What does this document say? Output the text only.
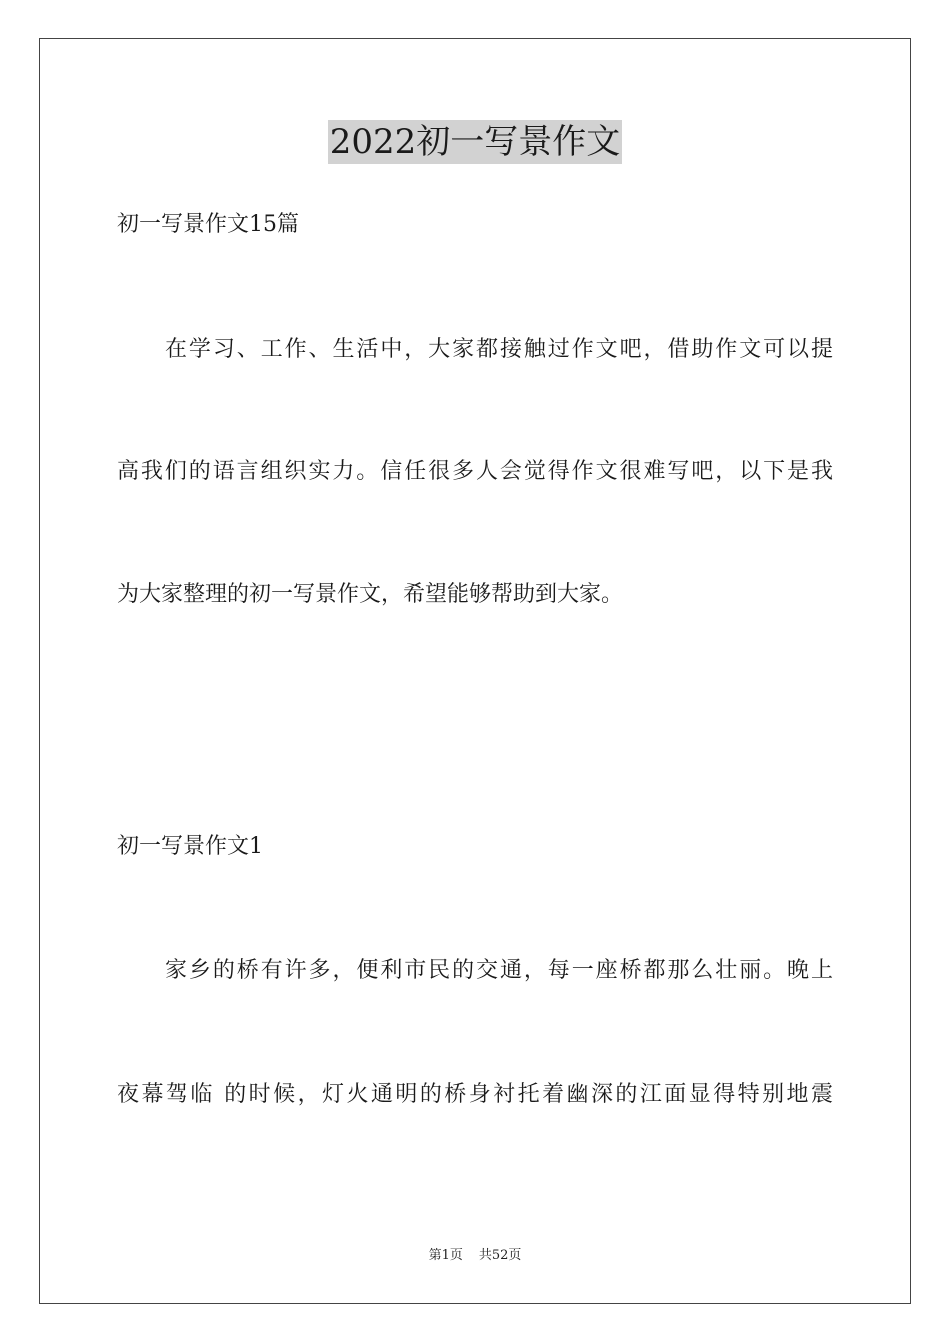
2022初一写景作文
初一写景作文15篇
在学习、工作、生活中，大家都接触过作文吧，借助作文可以提
高我们的语言组织实力。信任很多人会觉得作文很难写吧，以下是我
为大家整理的初一写景作文，希望能够帮助到大家。
初一写景作文1
家乡的桥有许多，便利市民的交通，每一座桥都那么壮丽。晚上
夜幕驾临 的时候，灯火通明的桥身衬托着幽深的江面显得特别地震
第1页 共52页
